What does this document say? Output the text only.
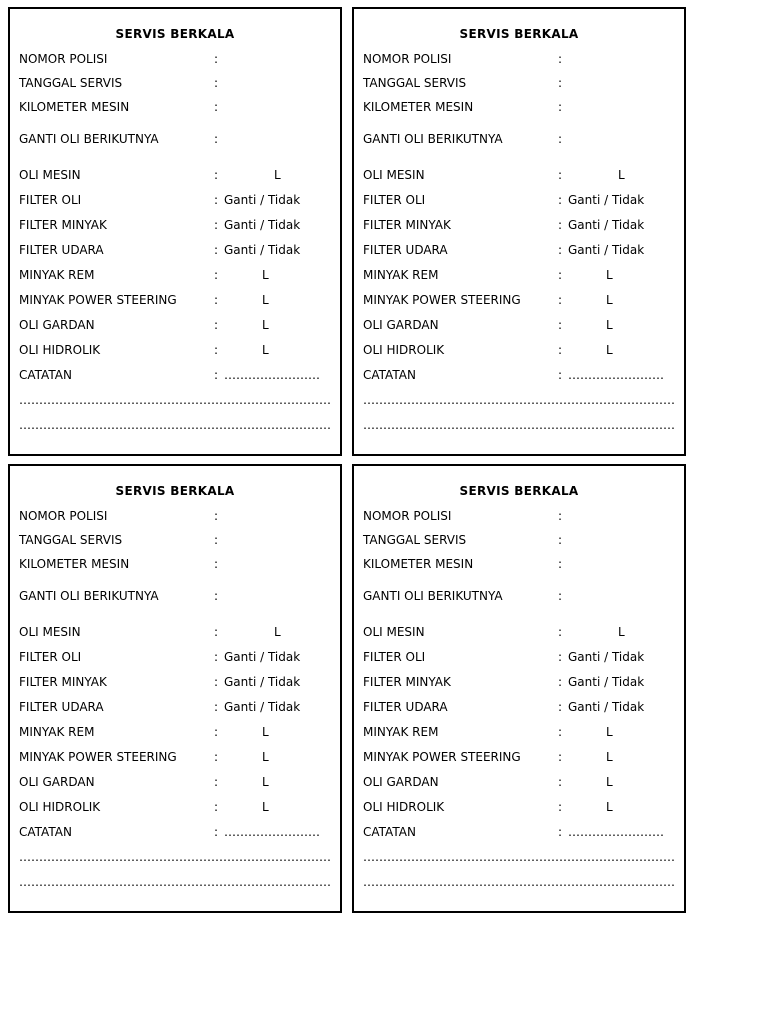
SERVIS BERKALA
NOMOR POLISI	:
TANGGAL SERVIS	:
KILOMETER MESIN	:
GANTI OLI BERIKUTNYA	:
OLI MESIN	:	L
FILTER OLI	: Ganti / Tidak
FILTER MINYAK	: Ganti / Tidak
FILTER UDARA	: Ganti / Tidak
MINYAK REM	:	L
MINYAK POWER STEERING	:	L
OLI GARDAN	:	L
OLI HIDROLIK	:	L
CATATAN	: ……………………
……………………………………………………………………
……………………………………………………………………
SERVIS BERKALA
NOMOR POLISI	:
TANGGAL SERVIS	:
KILOMETER MESIN	:
GANTI OLI BERIKUTNYA	:
OLI MESIN	:	L
FILTER OLI	: Ganti / Tidak
FILTER MINYAK	: Ganti / Tidak
FILTER UDARA	: Ganti / Tidak
MINYAK REM	:	L
MINYAK POWER STEERING	:	L
OLI GARDAN	:	L
OLI HIDROLIK	:	L
CATATAN	: ……………………
……………………………………………………………………
……………………………………………………………………
SERVIS BERKALA
NOMOR POLISI	:
TANGGAL SERVIS	:
KILOMETER MESIN	:
GANTI OLI BERIKUTNYA	:
OLI MESIN	:	L
FILTER OLI	: Ganti / Tidak
FILTER MINYAK	: Ganti / Tidak
FILTER UDARA	: Ganti / Tidak
MINYAK REM	:	L
MINYAK POWER STEERING	:	L
OLI GARDAN	:	L
OLI HIDROLIK	:	L
CATATAN	: ……………………
……………………………………………………………………
……………………………………………………………………
SERVIS BERKALA
NOMOR POLISI	:
TANGGAL SERVIS	:
KILOMETER MESIN	:
GANTI OLI BERIKUTNYA	:
OLI MESIN	:	L
FILTER OLI	: Ganti / Tidak
FILTER MINYAK	: Ganti / Tidak
FILTER UDARA	: Ganti / Tidak
MINYAK REM	:	L
MINYAK POWER STEERING	:	L
OLI GARDAN	:	L
OLI HIDROLIK	:	L
CATATAN	: ……………………
……………………………………………………………………
……………………………………………………………………
